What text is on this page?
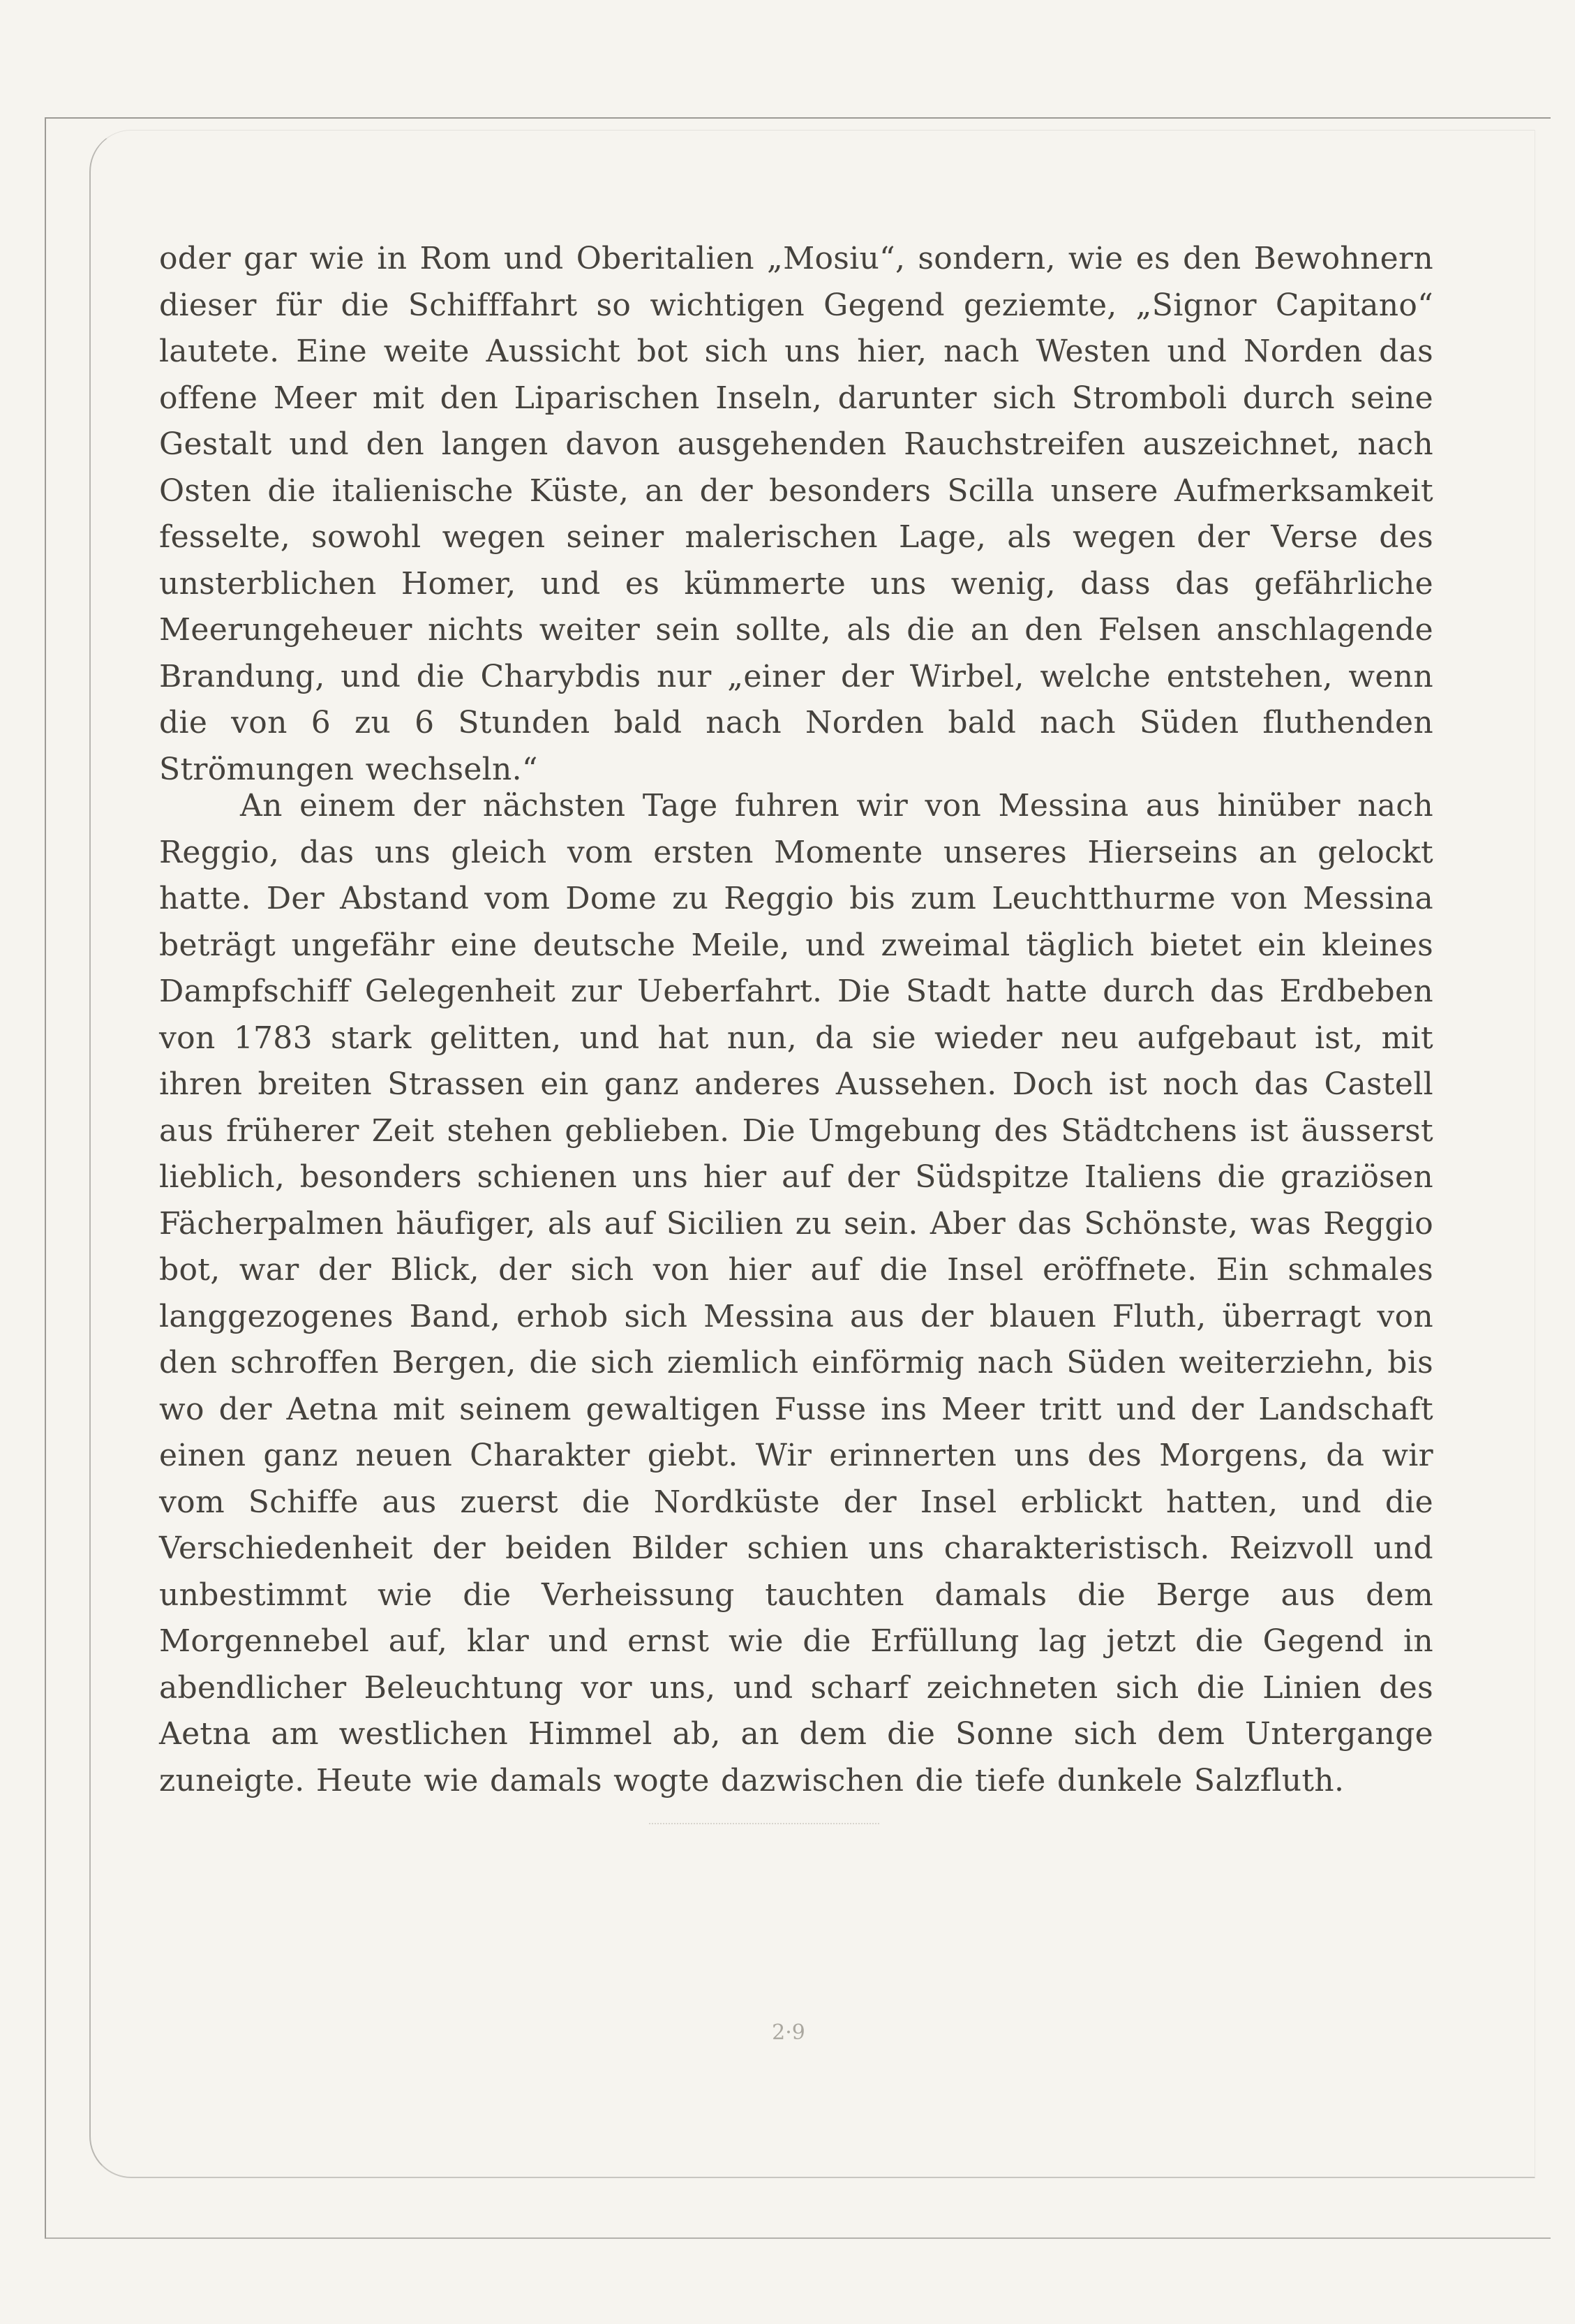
oder gar wie in Rom und Oberitalien „Mosiu“, sondern, wie es den Bewohnern dieser für die Schifffahrt so wichtigen Gegend geziemte, „Signor Capitano“ lautete. Eine weite Aussicht bot sich uns hier, nach Westen und Norden das offene Meer mit den Liparischen Inseln, darunter sich Stromboli durch seine Gestalt und den langen davon ausgehenden Rauchstreifen auszeichnet, nach Osten die italienische Küste, an der besonders Scilla unsere Aufmerksamkeit fesselte, sowohl wegen seiner malerischen Lage, als wegen der Verse des unsterblichen Homer, und es kümmerte uns wenig, dass das gefährliche Meerungeheuer nichts weiter sein sollte, als die an den Felsen anschlagende Brandung, und die Charybdis nur „einer der Wirbel, welche entstehen, wenn die von 6 zu 6 Stunden bald nach Norden bald nach Süden fluthenden Strömungen wechseln.“

An einem der nächsten Tage fuhren wir von Messina aus hinüber nach Reggio, das uns gleich vom ersten Momente unseres Hierseins an gelockt hatte. Der Abstand vom Dome zu Reggio bis zum Leuchtthurme von Messina beträgt ungefähr eine deutsche Meile, und zweimal täglich bietet ein kleines Dampfschiff Gelegenheit zur Ueberfahrt. Die Stadt hatte durch das Erdbeben von 1783 stark gelitten, und hat nun, da sie wieder neu aufgebaut ist, mit ihren breiten Strassen ein ganz anderes Aussehen. Doch ist noch das Castell aus früherer Zeit stehen geblieben. Die Umgebung des Städtchens ist äusserst lieblich, besonders schienen uns hier auf der Südspitze Italiens die graziösen Fächerpalmen häufiger, als auf Sicilien zu sein. Aber das Schönste, was Reggio bot, war der Blick, der sich von hier auf die Insel eröffnete. Ein schmales langgezogenes Band, erhob sich Messina aus der blauen Fluth, überragt von den schroffen Bergen, die sich ziemlich einförmig nach Süden weiterziehn, bis wo der Aetna mit seinem gewaltigen Fusse ins Meer tritt und der Landschaft einen ganz neuen Charakter giebt. Wir erinnerten uns des Morgens, da wir vom Schiffe aus zuerst die Nordküste der Insel erblickt hatten, und die Verschiedenheit der beiden Bilder schien uns charakteristisch. Reizvoll und unbestimmt wie die Verheissung tauchten damals die Berge aus dem Morgennebel auf, klar und ernst wie die Erfüllung lag jetzt die Gegend in abendlicher Beleuchtung vor uns, und scharf zeichneten sich die Linien des Aetna am westlichen Himmel ab, an dem die Sonne sich dem Untergange zuneigte. Heute wie damals wogte dazwischen die tiefe dunkele Salzfluth.

2·9
